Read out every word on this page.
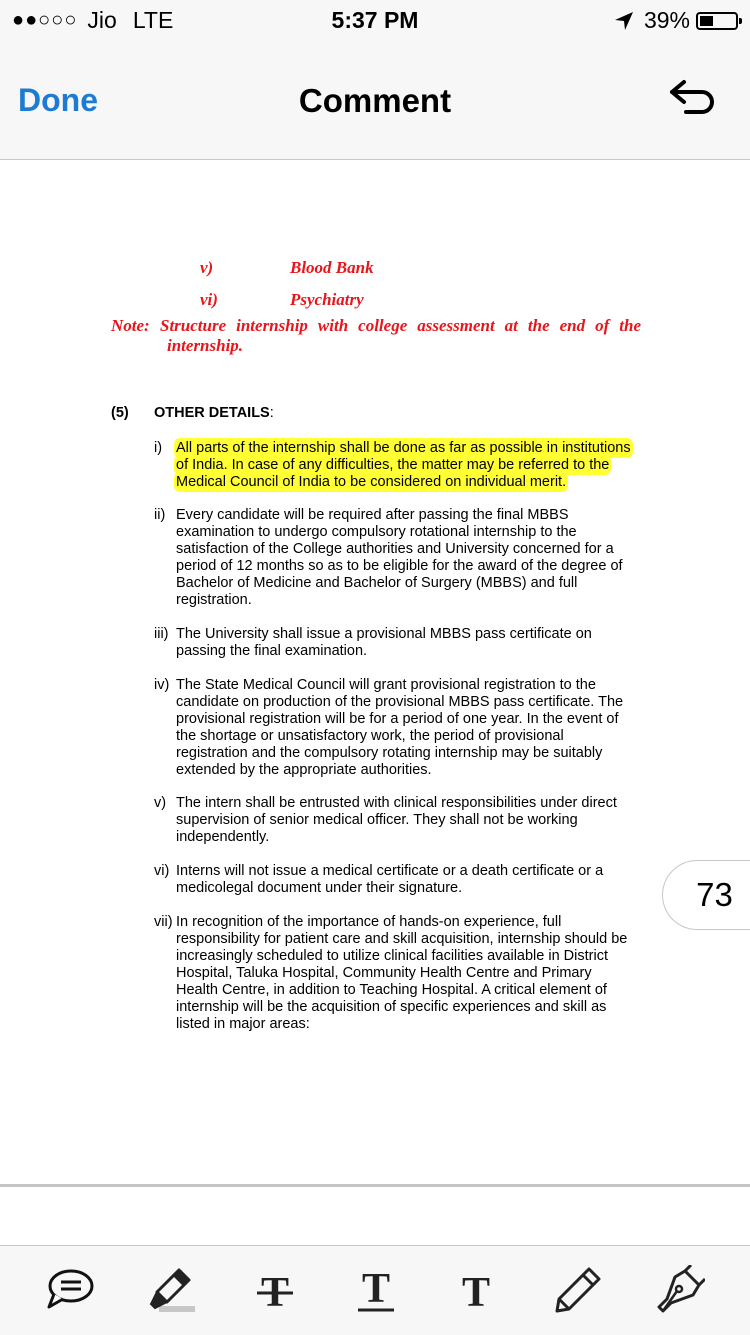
●●○○○ Jio LTE	5:37 PM	39%
Done	Comment
v)	Blood Bank
vi)	Psychiatry
Note: Structure internship with college assessment at the end of the
internship.
(5) OTHER DETAILS:
i) All parts of the internship shall be done as far as possible in institutions
of India. In case of any difficulties, the matter may be referred to the
Medical Council of India to be considered on individual merit.
ii) Every candidate will be required after passing the final MBBS
examination to undergo compulsory rotational internship to the
satisfaction of the College authorities and University concerned for a
period of 12 months so as to be eligible for the award of the degree of
Bachelor of Medicine and Bachelor of Surgery (MBBS) and full
registration.
iii) The University shall issue a provisional MBBS pass certificate on
passing the final examination.
iv) The State Medical Council will grant provisional registration to the
candidate on production of the provisional MBBS pass certificate. The
provisional registration will be for a period of one year. In the event of
the shortage or unsatisfactory work, the period of provisional
registration and the compulsory rotating internship may be suitably
extended by the appropriate authorities.
v) The intern shall be entrusted with clinical responsibilities under direct
supervision of senior medical officer. They shall not be working
independently.
vi) Interns will not issue a medical certificate or a death certificate or a
medicolegal document under their signature.
vii) In recognition of the importance of hands-on experience, full
responsibility for patient care and skill acquisition, internship should be
increasingly scheduled to utilize clinical facilities available in District
Hospital, Taluka Hospital, Community Health Centre and Primary
Health Centre, in addition to Teaching Hospital. A critical element of
internship will be the acquisition of specific experiences and skill as
listed in major areas:
73
T T T
